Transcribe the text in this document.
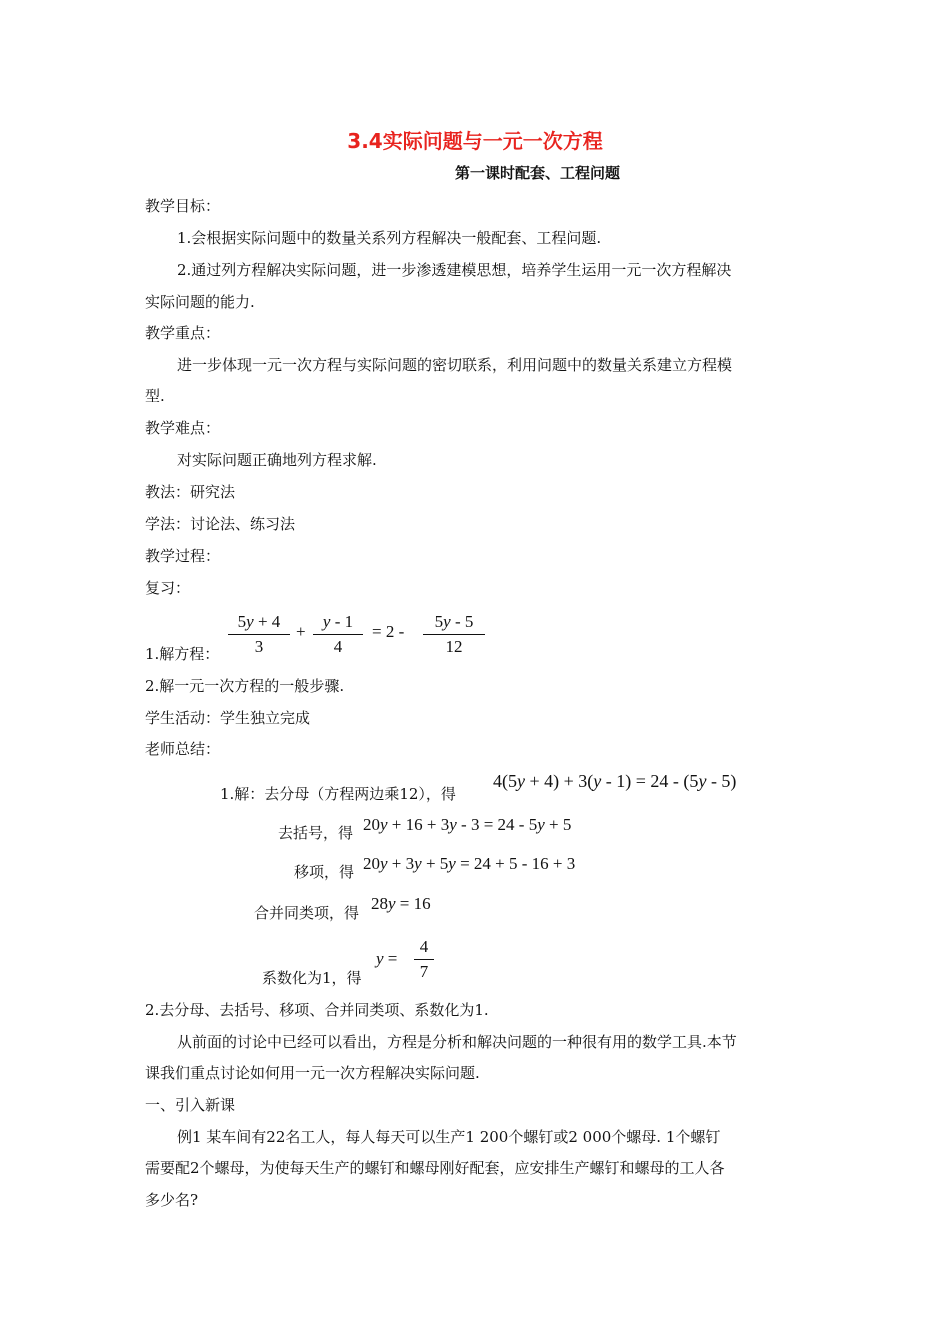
3.4实际问题与一元一次方程
第一课时配套、工程问题
教学目标：
1.会根据实际问题中的数量关系列方程解决一般配套、工程问题.
2.通过列方程解决实际问题，进一步渗透建模思想，培养学生运用一元一次方程解决
实际问题的能力.
教学重点：
进一步体现一元一次方程与实际问题的密切联系，利用问题中的数量关系建立方程模
型.
教学难点：
对实际问题正确地列方程求解.
教法：研究法
学法：讨论法、练习法
教学过程：
复习：
1.解方程： $\frac{5y + 4}{3} + \frac{y - 1}{4} = 2 - \frac{5y - 5}{12}$
2.解一元一次方程的一般步骤.
学生活动：学生独立完成
老师总结：
1.解：去分母（方程两边乘12），得
4(5y + 4) + 3(y - 1) = 24 - (5y - 5)
去括号，得 20y + 16 + 3y - 3 = 24 - 5y + 5
移项，得 20y + 3y + 5y = 24 + 5 - 16 + 3
合并同类项，得 28y = 16
系数化为1，得
$y = \frac{4}{7}$
2.去分母、去括号、移项、合并同类项、系数化为1.
从前面的讨论中已经可以看出，方程是分析和解决问题的一种很有用的数学工具.本节
课我们重点讨论如何用一元一次方程解决实际问题.
一、引入新课
例1 某车间有22名工人，每人每天可以生产1 200个螺钉或2 000个螺母. 1个螺钉
需要配2个螺母，为使每天生产的螺钉和螺母刚好配套，应安排生产螺钉和螺母的工人各
多少名?
